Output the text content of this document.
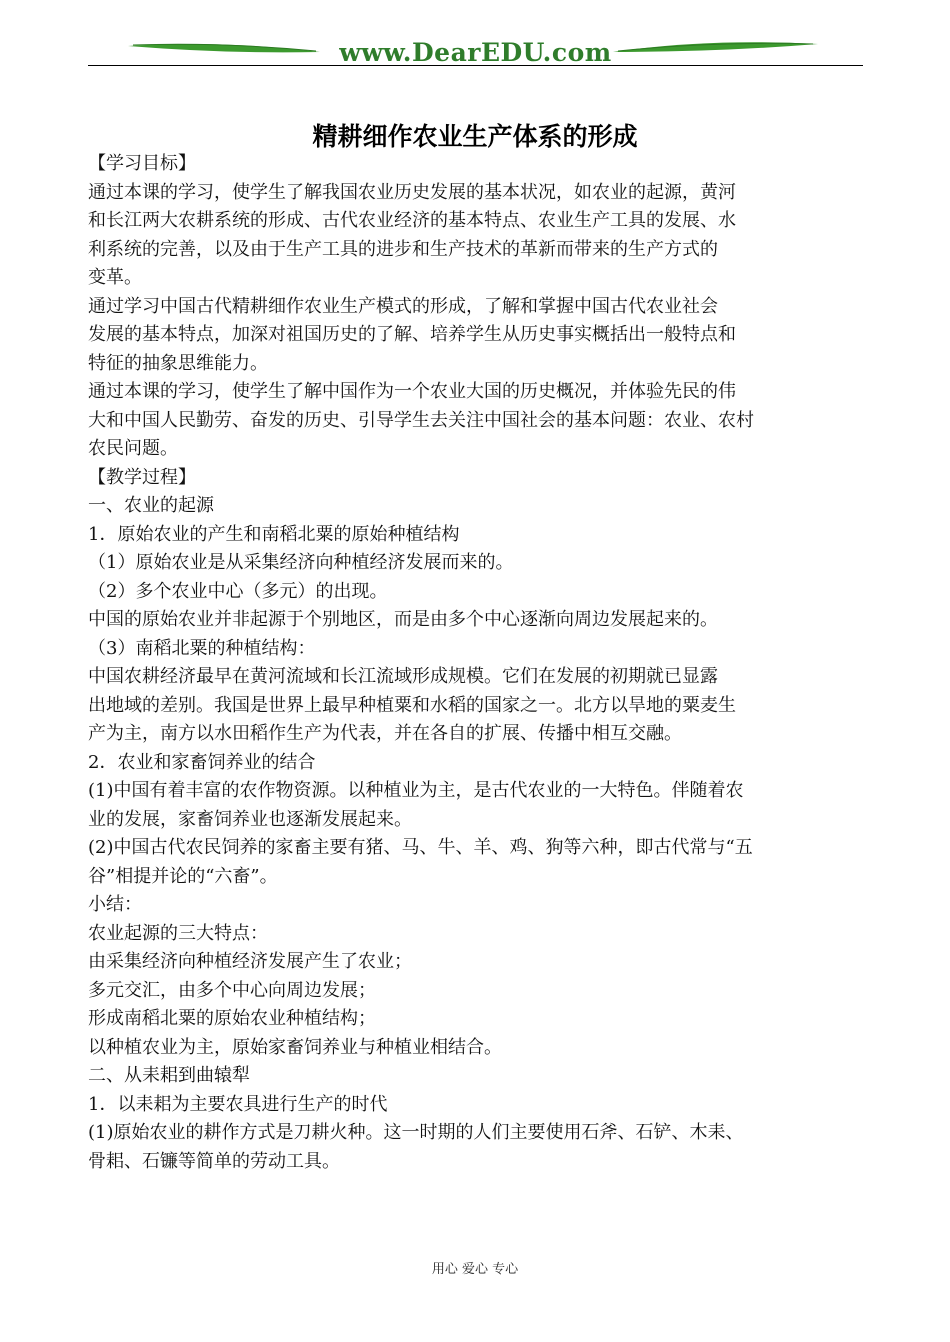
www.DearEDU.com
精耕细作农业生产体系的形成
【学习目标】
通过本课的学习，使学生了解我国农业历史发展的基本状况，如农业的起源，黄河
和长江两大农耕系统的形成、古代农业经济的基本特点、农业生产工具的发展、水
利系统的完善，以及由于生产工具的进步和生产技术的革新而带来的生产方式的
变革。
通过学习中国古代精耕细作农业生产模式的形成，了解和掌握中国古代农业社会
发展的基本特点，加深对祖国历史的了解、培养学生从历史事实概括出一般特点和
特征的抽象思维能力。
通过本课的学习，使学生了解中国作为一个农业大国的历史概况，并体验先民的伟
大和中国人民勤劳、奋发的历史、引导学生去关注中国社会的基本问题：农业、农村
农民问题。
【教学过程】
一、农业的起源
1．原始农业的产生和南稻北粟的原始种植结构
（1）原始农业是从采集经济向种植经济发展而来的。
（2）多个农业中心（多元）的出现。
中国的原始农业并非起源于个别地区，而是由多个中心逐渐向周边发展起来的。
（3）南稻北粟的种植结构：
中国农耕经济最早在黄河流域和长江流域形成规模。它们在发展的初期就已显露
出地域的差别。我国是世界上最早种植粟和水稻的国家之一。北方以旱地的粟麦生
产为主，南方以水田稻作生产为代表，并在各自的扩展、传播中相互交融。
2．农业和家畜饲养业的结合
(1)中国有着丰富的农作物资源。以种植业为主，是古代农业的一大特色。伴随着农
业的发展，家畜饲养业也逐渐发展起来。
(2)中国古代农民饲养的家畜主要有猪、马、牛、羊、鸡、狗等六种，即古代常与“五
谷”相提并论的“六畜”。
小结：
农业起源的三大特点：
由采集经济向种植经济发展产生了农业；
多元交汇，由多个中心向周边发展；
形成南稻北粟的原始农业种植结构；
以种植农业为主，原始家畜饲养业与种植业相结合。
二、从耒耜到曲辕犁
1．以耒耜为主要农具进行生产的时代
(1)原始农业的耕作方式是刀耕火种。这一时期的人们主要使用石斧、石铲、木耒、
骨耜、石镰等简单的劳动工具。
用心 爱心 专心
